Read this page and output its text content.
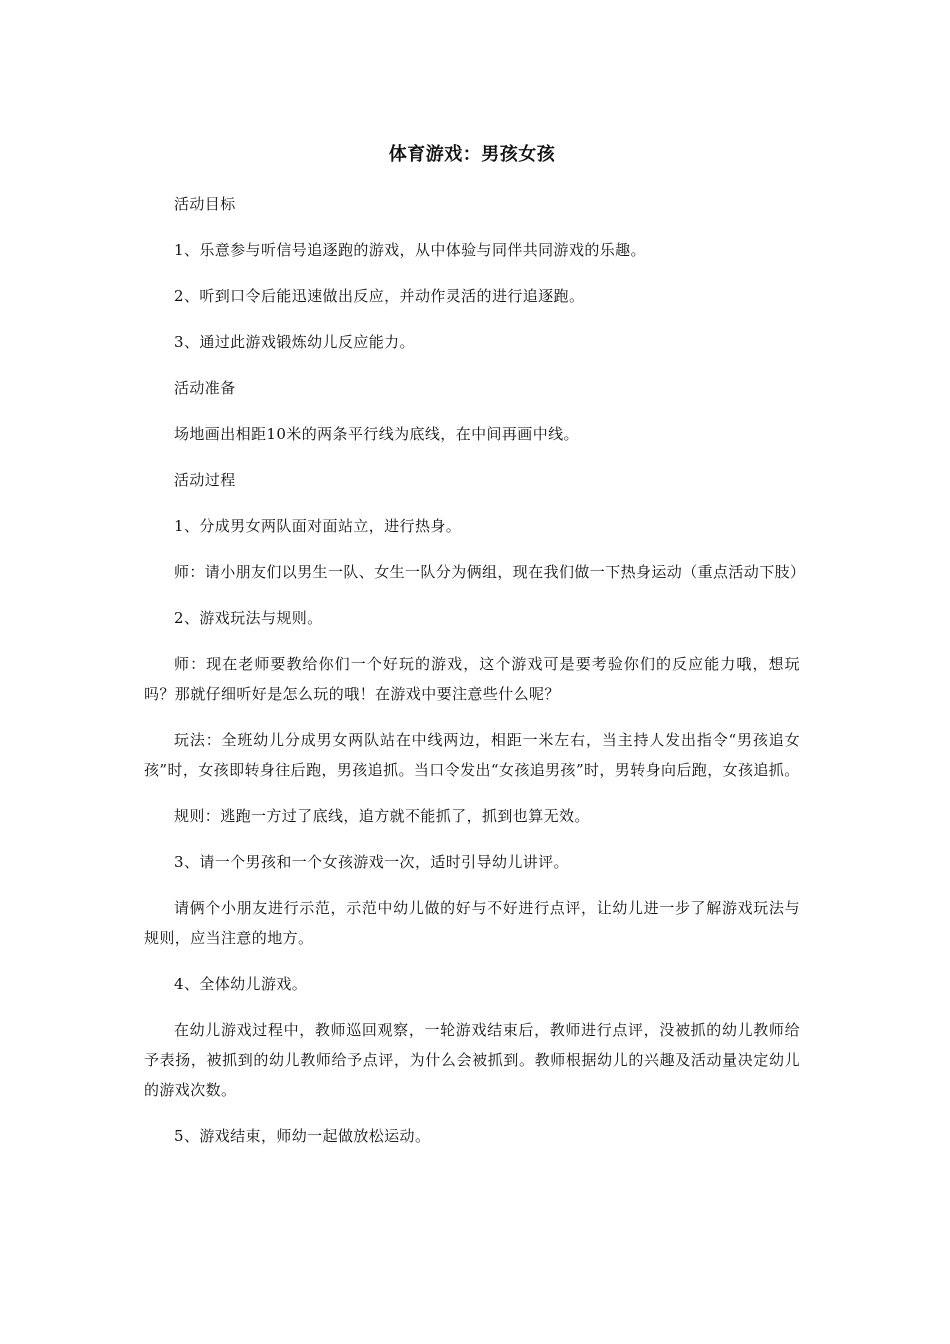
体育游戏：男孩女孩

活动目标

1、乐意参与听信号追逐跑的游戏，从中体验与同伴共同游戏的乐趣。

2、听到口令后能迅速做出反应，并动作灵活的进行追逐跑。

3、通过此游戏锻炼幼儿反应能力。

活动准备

场地画出相距10米的两条平行线为底线，在中间再画中线。

活动过程

1、分成男女两队面对面站立，进行热身。

师：请小朋友们以男生一队、女生一队分为俩组，现在我们做一下热身运动（重点活动下肢）

2、游戏玩法与规则。

师：现在老师要教给你们一个好玩的游戏，这个游戏可是要考验你们的反应能力哦，想玩吗？那就仔细听好是怎么玩的哦！在游戏中要注意些什么呢？

玩法：全班幼儿分成男女两队站在中线两边，相距一米左右，当主持人发出指令“男孩追女孩”时，女孩即转身往后跑，男孩追抓。当口令发出“女孩追男孩”时，男转身向后跑，女孩追抓。

规则：逃跑一方过了底线，追方就不能抓了，抓到也算无效。

3、请一个男孩和一个女孩游戏一次，适时引导幼儿讲评。

请俩个小朋友进行示范，示范中幼儿做的好与不好进行点评，让幼儿进一步了解游戏玩法与规则，应当注意的地方。

4、全体幼儿游戏。

在幼儿游戏过程中，教师巡回观察，一轮游戏结束后，教师进行点评，没被抓的幼儿教师给予表扬，被抓到的幼儿教师给予点评，为什么会被抓到。教师根据幼儿的兴趣及活动量决定幼儿的游戏次数。

5、游戏结束，师幼一起做放松运动。
